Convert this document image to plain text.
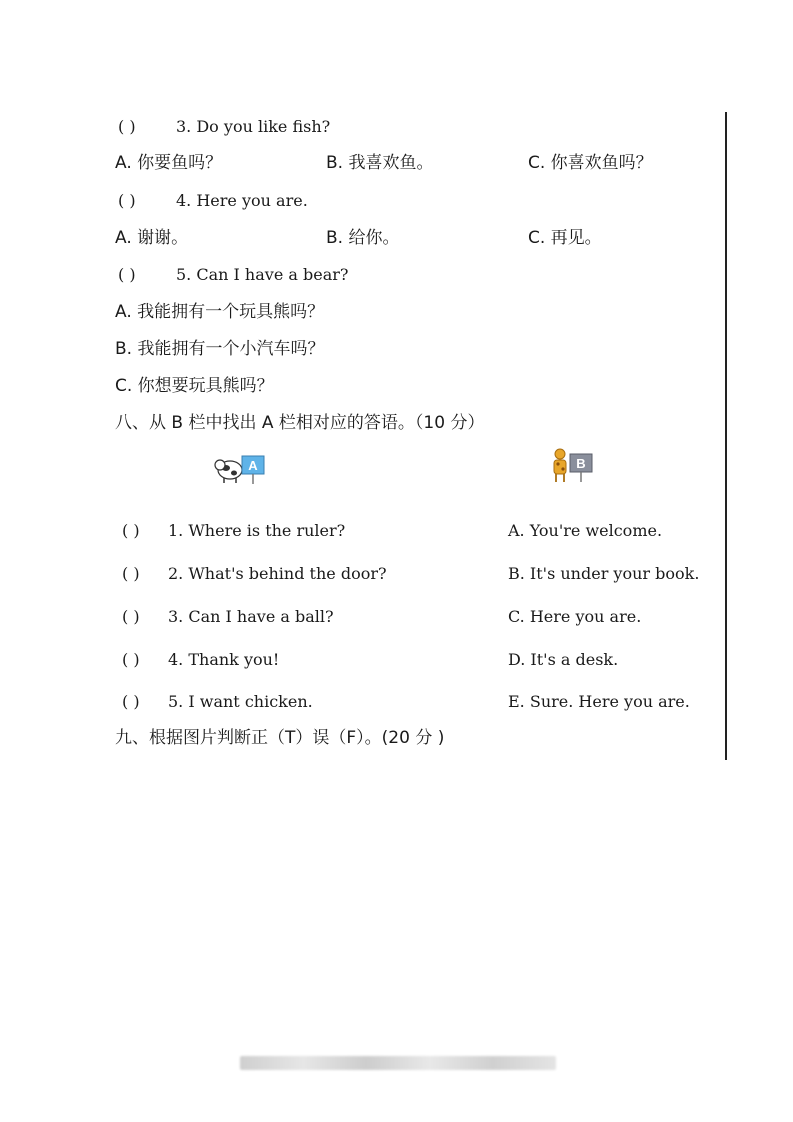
( )	3. Do you like fish?
A. 你要鱼吗？	B. 我喜欢鱼。	C. 你喜欢鱼吗？
( )	4. Here you are.
A. 谢谢。	B. 给你。	C. 再见。
( )	5. Can I have a bear?
A. 我能拥有一个玩具熊吗？
B. 我能拥有一个小汽车吗？
C. 你想要玩具熊吗？
八、从 B 栏中找出 A 栏相对应的答语。（10 分）
A	B
( ) 1. Where is the ruler?	A. You're welcome.
( ) 2. What's behind the door?	B. It's under your book.
( ) 3. Can I have a ball?	C. Here you are.
( ) 4. Thank you!	D. It's a desk.
( ) 5. I want chicken.	E. Sure. Here you are.
九、根据图片判断正（T）误（F）。(20 分 )
